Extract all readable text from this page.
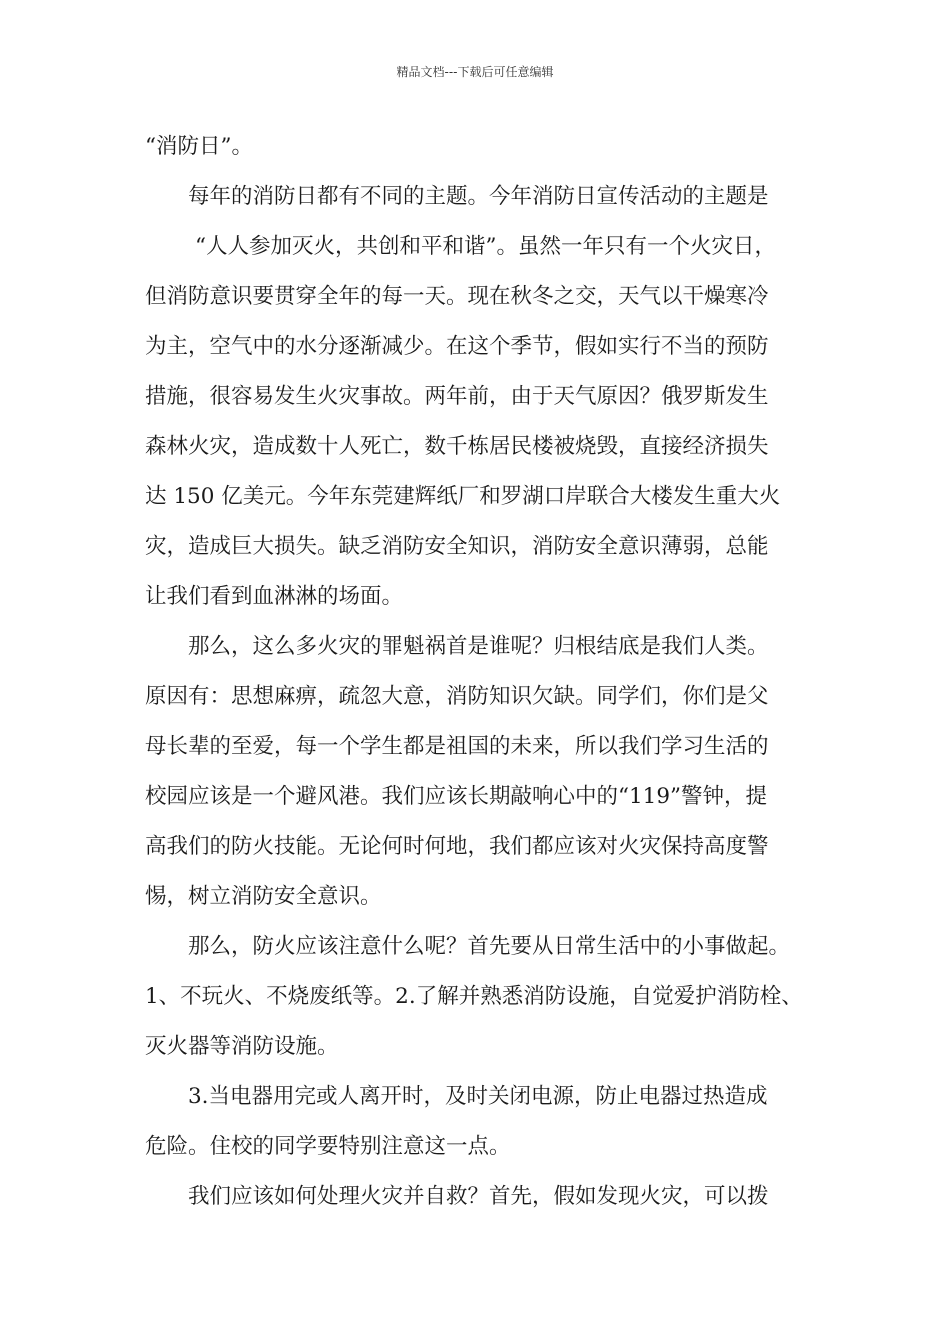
精品文档---下载后可任意编辑
“消防日”。
每年的消防日都有不同的主题。今年消防日宣传活动的主题是
“人人参加灭火，共创和平和谐”。虽然一年只有一个火灾日，
但消防意识要贯穿全年的每一天。现在秋冬之交，天气以干燥寒冷
为主，空气中的水分逐渐减少。在这个季节，假如实行不当的预防
措施，很容易发生火灾事故。两年前，由于天气原因？俄罗斯发生
森林火灾，造成数十人死亡，数千栋居民楼被烧毁，直接经济损失
达 150 亿美元。今年东莞建辉纸厂和罗湖口岸联合大楼发生重大火
灾，造成巨大损失。缺乏消防安全知识，消防安全意识薄弱，总能
让我们看到血淋淋的场面。
那么，这么多火灾的罪魁祸首是谁呢？归根结底是我们人类。
原因有：思想麻痹，疏忽大意，消防知识欠缺。同学们，你们是父
母长辈的至爱，每一个学生都是祖国的未来，所以我们学习生活的
校园应该是一个避风港。我们应该长期敲响心中的“119”警钟，提
高我们的防火技能。无论何时何地，我们都应该对火灾保持高度警
惕，树立消防安全意识。
那么，防火应该注意什么呢？首先要从日常生活中的小事做起。
1、不玩火、不烧废纸等。2.了解并熟悉消防设施，自觉爱护消防栓、
灭火器等消防设施。
3.当电器用完或人离开时，及时关闭电源，防止电器过热造成
危险。住校的同学要特别注意这一点。
我们应该如何处理火灾并自救？首先，假如发现火灾，可以拨
